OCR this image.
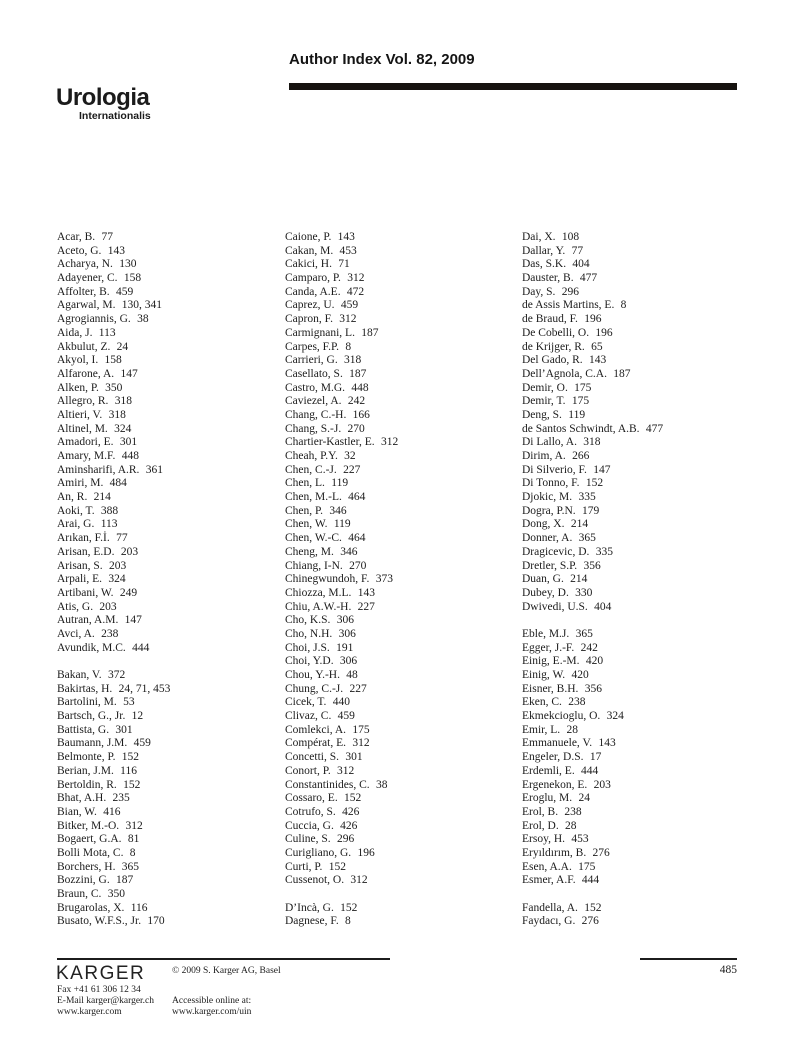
Urologia
Internationalis
Author Index Vol. 82, 2009
Acar, B. 77
Aceto, G. 143
Acharya, N. 130
Adayener, C. 158
Affolter, B. 459
Agarwal, M. 130, 341
Agrogiannis, G. 38
Aida, J. 113
Akbulut, Z. 24
Akyol, I. 158
Alfarone, A. 147
Alken, P. 350
Allegro, R. 318
Altieri, V. 318
Altinel, M. 324
Amadori, E. 301
Amary, M.F. 448
Aminsharifi, A.R. 361
Amiri, M. 484
An, R. 214
Aoki, T. 388
Arai, G. 113
Arıkan, F.İ. 77
Arisan, E.D. 203
Arisan, S. 203
Arpali, E. 324
Artibani, W. 249
Atis, G. 203
Autran, A.M. 147
Avci, A. 238
Avundik, M.C. 444
Bakan, V. 372
Bakirtas, H. 24, 71, 453
Bartolini, M. 53
Bartsch, G., Jr. 12
Battista, G. 301
Baumann, J.M. 459
Belmonte, P. 152
Berian, J.M. 116
Bertoldin, R. 152
Bhat, A.H. 235
Bian, W. 416
Bitker, M.-O. 312
Bogaert, G.A. 81
Bolli Mota, C. 8
Borchers, H. 365
Bozzini, G. 187
Braun, C. 350
Brugarolas, X. 116
Busato, W.F.S., Jr. 170
Caione, P. 143
Cakan, M. 453
Cakici, H. 71
Camparo, P. 312
Canda, A.E. 472
Caprez, U. 459
Capron, F. 312
Carmignani, L. 187
Carpes, F.P. 8
Carrieri, G. 318
Casellato, S. 187
Castro, M.G. 448
Caviezel, A. 242
Chang, C.-H. 166
Chang, S.-J. 270
Chartier-Kastler, E. 312
Cheah, P.Y. 32
Chen, C.-J. 227
Chen, L. 119
Chen, M.-L. 464
Chen, P. 346
Chen, W. 119
Chen, W.-C. 464
Cheng, M. 346
Chiang, I-N. 270
Chinegwundoh, F. 373
Chiozza, M.L. 143
Chiu, A.W.-H. 227
Cho, K.S. 306
Cho, N.H. 306
Choi, J.S. 191
Choi, Y.D. 306
Chou, Y.-H. 48
Chung, C.-J. 227
Cicek, T. 440
Clivaz, C. 459
Comlekci, A. 175
Compérat, E. 312
Concetti, S. 301
Conort, P. 312
Constantinides, C. 38
Cossaro, E. 152
Cotrufo, S. 426
Cuccia, G. 426
Culine, S. 296
Curigliano, G. 196
Curti, P. 152
Cussenot, O. 312
D’Incà, G. 152
Dagnese, F. 8
Dai, X. 108
Dallar, Y. 77
Das, S.K. 404
Dauster, B. 477
Day, S. 296
de Assis Martins, E. 8
de Braud, F. 196
De Cobelli, O. 196
de Krijger, R. 65
Del Gado, R. 143
Dell’Agnola, C.A. 187
Demir, O. 175
Demir, T. 175
Deng, S. 119
de Santos Schwindt, A.B. 477
Di Lallo, A. 318
Dirim, A. 266
Di Silverio, F. 147
Di Tonno, F. 152
Djokic, M. 335
Dogra, P.N. 179
Dong, X. 214
Donner, A. 365
Dragicevic, D. 335
Dretler, S.P. 356
Duan, G. 214
Dubey, D. 330
Dwivedi, U.S. 404
Eble, M.J. 365
Egger, J.-F. 242
Einig, E.-M. 420
Einig, W. 420
Eisner, B.H. 356
Eken, C. 238
Ekmekcioglu, O. 324
Emir, L. 28
Emmanuele, V. 143
Engeler, D.S. 17
Erdemli, E. 444
Ergenekon, E. 203
Eroglu, M. 24
Erol, B. 238
Erol, D. 28
Ersoy, H. 453
Eryıldırım, B. 276
Esen, A.A. 175
Esmer, A.F. 444
Fandella, A. 152
Faydacı, G. 276
KARGER	© 2009 S. Karger AG, Basel	485
Fax +41 61 306 12 34
E-Mail karger@karger.ch
www.karger.com
Accessible online at:
www.karger.com/uin
